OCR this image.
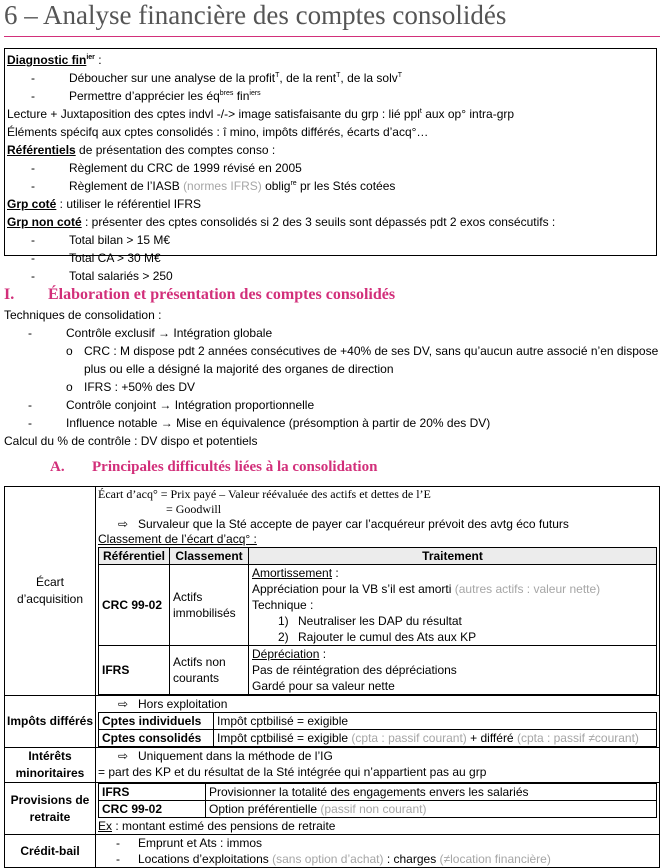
6 – Analyse financière des comptes consolidés
Diagnostic fin$^{ier}$ :
-	Déboucher sur une analyse de la profit$^T$, de la rent$^T$, de la solv$^T$
-	Permettre d’apprécier les $éq^{bres}$ fin$^{iers}$
Lecture + Juxtaposition des cptes indvl -/-> image satisfaisante du grp : lié ppl$^t$ aux op° intra-grp
Éléments spécifq aux cptes consolidés : î mino, impôts différés, écarts d’acq°…
Référentiels de présentation des comptes conso :
-	Règlement du CRC de 1999 révisé en 2005
-	Règlement de l’IASB (normes IFRS) oblig$^{re}$ pr les Stés cotées
Grp coté : utiliser le référentiel IFRS
Grp non coté : présenter des cptes consolidés si 2 des 3 seuils sont dépassés pdt 2 exos consécutifs :
-	Total bilan > 15 M€
-	Total CA > 30 M€
-	Total salariés > 250
I. Élaboration et présentation des comptes consolidés
Techniques de consolidation :
-	Contrôle exclusif → Intégration globale
o CRC : M dispose pdt 2 années consécutives de +40% de ses DV, sans qu’aucun autre associé n’en dispose plus ou elle a désigné la majorité des organes de direction
o IFRS : +50% des DV
-	Contrôle conjoint → Intégration proportionnelle
-	Influence notable → Mise en équivalence (présomption à partir de 20% des DV)
Calcul du % de contrôle : DV dispo et potentiels
A. Principales difficultés liées à la consolidation
Écart d’acquisition	
Écart d’acq° = Prix payé – Valeur réévaluée des actifs et dettes de l’E
= Goodwill
⇨ Survaleur que la Sté accepte de payer car l’acquéreur prévoit des avtg éco futurs
Classement de l’écart d’acq° :
Référentiel	Classement	Traitement
CRC 99-02	Actifs immobilisés	
Amortissement :
Appréciation pour la VB s’il est amorti (autres actifs : valeur nette)
Technique :
1) Neutraliser les DAP du résultat
2) Rajouter le cumul des Ats aux KP

IFRS	Actifs non courants	
Dépréciation :
Pas de réintégration des dépréciations
Gardé pour sa valeur nette

Impôts différés	
⇨ Hors exploitation
Cptes individuels	Impôt cptbilisé = exigible
Cptes consolidés	Impôt cptbilisé = exigible (cpta : passif courant) + différé (cpta : passif ≠courant)

Intérêts minoritaires	
⇨ Uniquement dans la méthode de l’IG
= part des KP et du résultat de la Sté intégrée qui n’appartient pas au grp

Provisions de retraite	
IFRS	Provisionner la totalité des engagements envers les salariés
CRC 99-02	Option préférentielle (passif non courant)
Ex : montant estimé des pensions de retraite

Crédit-bail	
- Emprunt et Ats : immos
- Locations d’exploitations (sans option d’achat) : charges (≠location financière)
